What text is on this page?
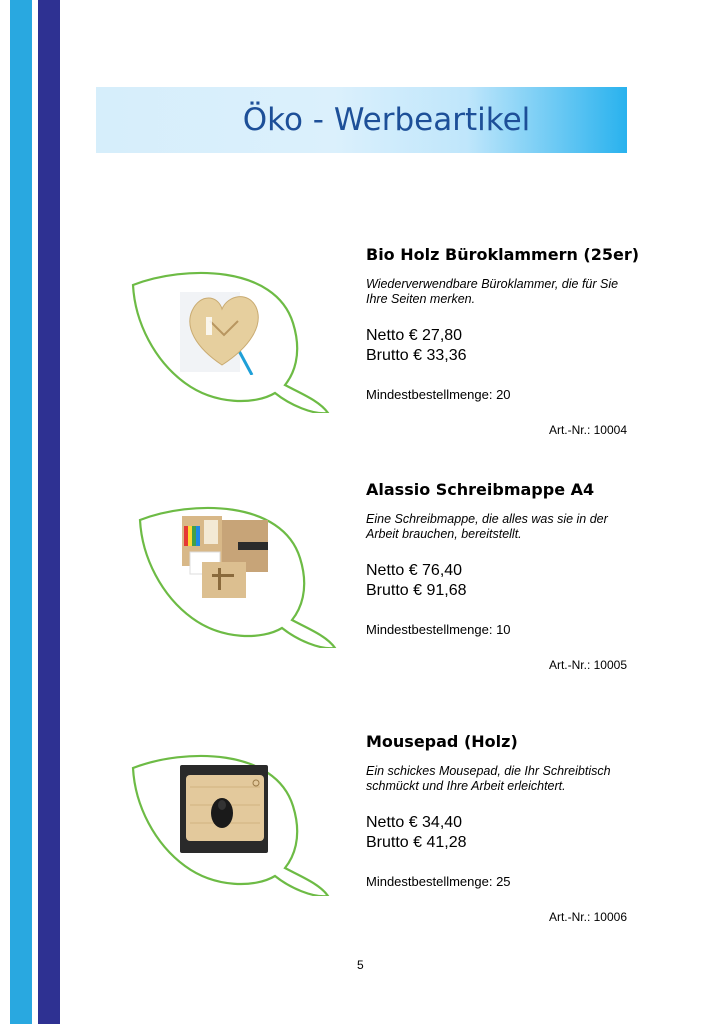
Öko - Werbeartikel
Bio Holz Büroklammern (25er)
Wiederverwendbare Büroklammer, die für Sie Ihre Seiten merken.
Netto € 27,80
Brutto € 33,36
Mindestbestellmenge: 20
Art.-Nr.: 10004
Alassio Schreibmappe A4
Eine Schreibmappe, die alles was sie in der Arbeit brauchen, bereitstellt.
Netto € 76,40
Brutto € 91,68
Mindestbestellmenge: 10
Art.-Nr.: 10005
Mousepad (Holz)
Ein schickes Mousepad, die Ihr Schreibtisch schmückt und Ihre Arbeit erleichtert.
Netto € 34,40
Brutto € 41,28
Mindestbestellmenge: 25
Art.-Nr.: 10006
5
